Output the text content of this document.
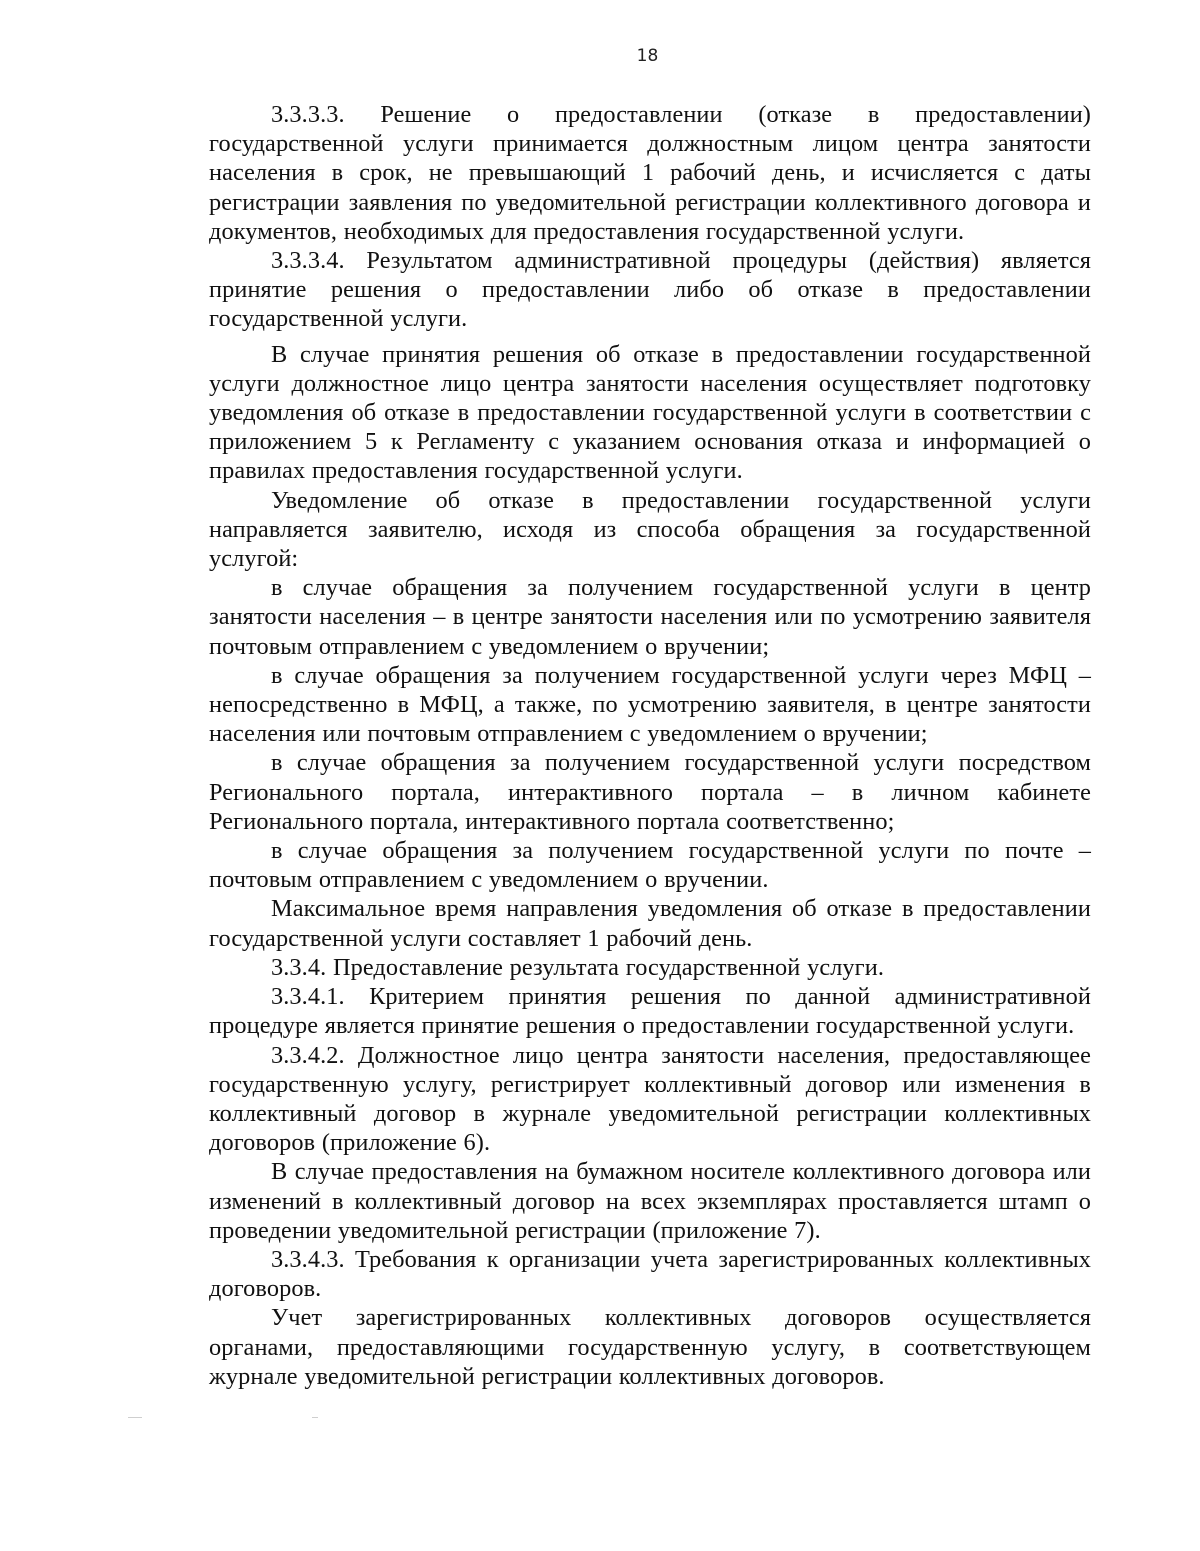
18

3.3.3.3. Решение о предоставлении (отказе в предоставлении) государственной услуги принимается должностным лицом центра занятости населения в срок, не превышающий 1 рабочий день, и исчисляется с даты регистрации заявления по уведомительной регистрации коллективного договора и документов, необходимых для предоставления государственной услуги.

3.3.3.4. Результатом административной процедуры (действия) является принятие решения о предоставлении либо об отказе в предоставлении государственной услуги.

В случае принятия решения об отказе в предоставлении государственной услуги должностное лицо центра занятости населения осуществляет подготовку уведомления об отказе в предоставлении государственной услуги в соответствии с приложением 5 к Регламенту с указанием основания отказа и информацией о правилах предоставления государственной услуги.

Уведомление об отказе в предоставлении государственной услуги направляется заявителю, исходя из способа обращения за государственной услугой:

в случае обращения за получением государственной услуги в центр занятости населения – в центре занятости населения или по усмотрению заявителя почтовым отправлением с уведомлением о вручении;

в случае обращения за получением государственной услуги через МФЦ – непосредственно в МФЦ, а также, по усмотрению заявителя, в центре занятости населения или почтовым отправлением с уведомлением о вручении;

в случае обращения за получением государственной услуги посредством Регионального портала, интерактивного портала – в личном кабинете Регионального портала, интерактивного портала соответственно;

в случае обращения за получением государственной услуги по почте – почтовым отправлением с уведомлением о вручении.

Максимальное время направления уведомления об отказе в предоставлении государственной услуги составляет 1 рабочий день.

3.3.4. Предоставление результата государственной услуги.

3.3.4.1. Критерием принятия решения по данной административной процедуре является принятие решения о предоставлении государственной услуги.

3.3.4.2. Должностное лицо центра занятости населения, предоставляющее государственную услугу, регистрирует коллективный договор или изменения в коллективный договор в журнале уведомительной регистрации коллективных договоров (приложение 6).

В случае предоставления на бумажном носителе коллективного договора или изменений в коллективный договор на всех экземплярах проставляется штамп о проведении уведомительной регистрации (приложение 7).

3.3.4.3. Требования к организации учета зарегистрированных коллективных договоров.

Учет зарегистрированных коллективных договоров осуществляется органами, предоставляющими государственную услугу, в соответствующем журнале уведомительной регистрации коллективных договоров.
